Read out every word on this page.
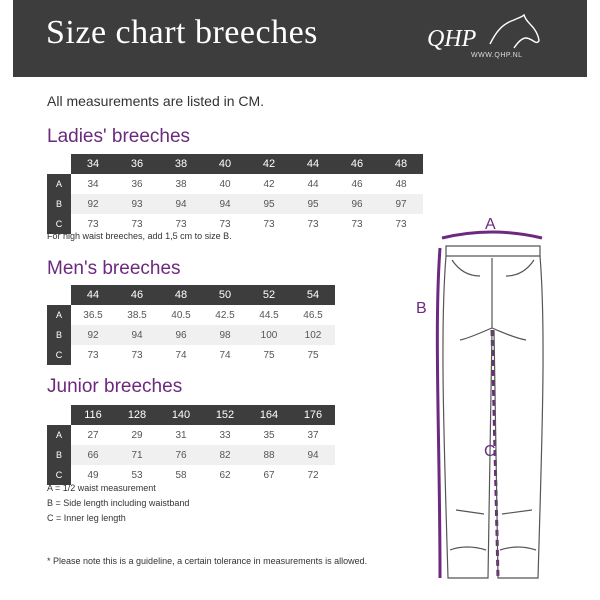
Size chart breeches	QHP
WWW.QHP.NL
All measurements are listed in CM.
Ladies' breeches
	34	36	38	40	42	44	46	48
A	34	36	38	40	42	44	46	48
B	92	93	94	94	95	95	96	97
C	73	73	73	73	73	73	73	73
For high waist breeches, add 1,5 cm to size B.
Men's breeches
	44	46	48	50	52	54
A	36.5	38.5	40.5	42.5	44.5	46.5
B	92	94	96	98	100	102
C	73	73	74	74	75	75
Junior breeches
	116	128	140	152	164	176
A	27	29	31	33	35	37
B	66	71	76	82	88	94
C	49	53	58	62	67	72
A = 1/2 waist measurement
B = Side length including waistband
C = Inner leg length
* Please note this is a guideline, a certain tolerance in measurements is allowed.
A
B
C
